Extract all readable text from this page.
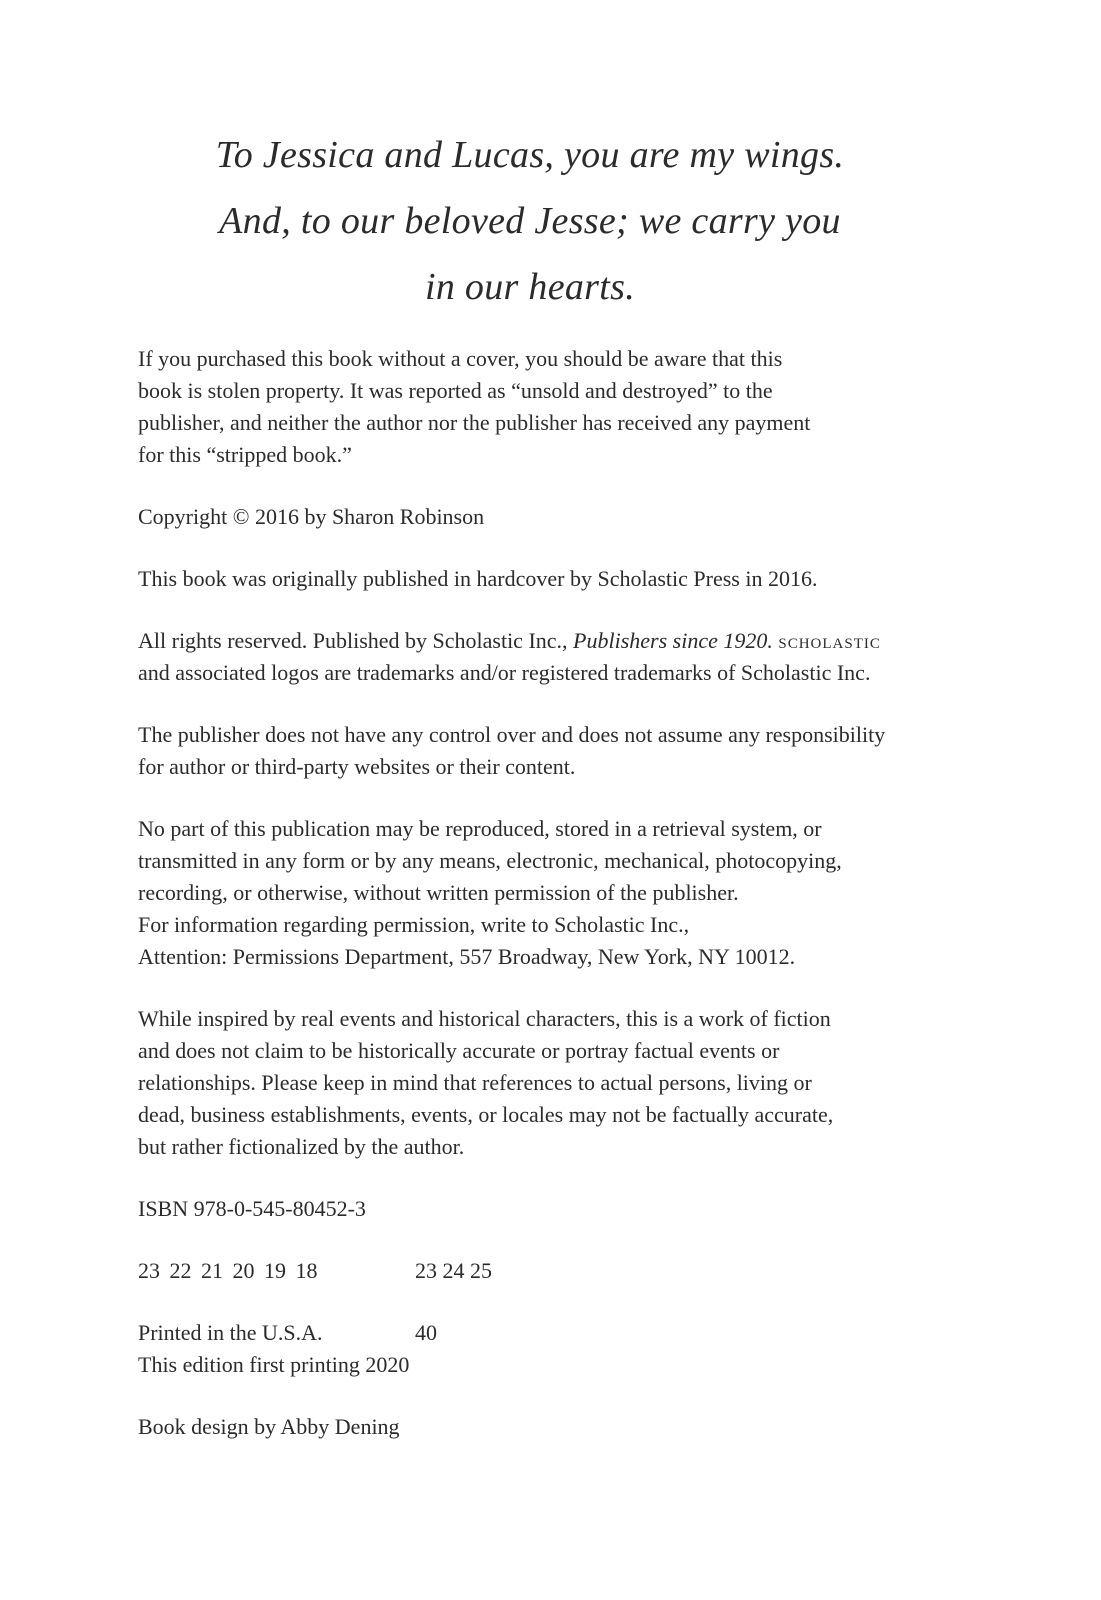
To Jessica and Lucas, you are my wings.
And, to our beloved Jesse; we carry you
in our hearts.
If you purchased this book without a cover, you should be aware that this
book is stolen property. It was reported as “unsold and destroyed” to the
publisher, and neither the author nor the publisher has received any payment
for this “stripped book.”
Copyright © 2016 by Sharon Robinson
This book was originally published in hardcover by Scholastic Press in 2016.
All rights reserved. Published by Scholastic Inc., Publishers since 1920. scholastic
and associated logos are trademarks and/or registered trademarks of Scholastic Inc.
The publisher does not have any control over and does not assume any responsibility
for author or third-party websites or their content.
No part of this publication may be reproduced, stored in a retrieval system, or
transmitted in any form or by any means, electronic, mechanical, photocopying,
recording, or otherwise, without written permission of the publisher.
For information regarding permission, write to Scholastic Inc.,
Attention: Permissions Department, 557 Broadway, New York, NY 10012.
While inspired by real events and historical characters, this is a work of fiction
and does not claim to be historically accurate or portray factual events or
relationships. Please keep in mind that references to actual persons, living or
dead, business establishments, events, or locales may not be factually accurate,
but rather fictionalized by the author.
ISBN 978-0-545-80452-3
23 22 21 20 19 18	23 24 25
Printed in the U.S.A.	40
This edition first printing 2020
Book design by Abby Dening
